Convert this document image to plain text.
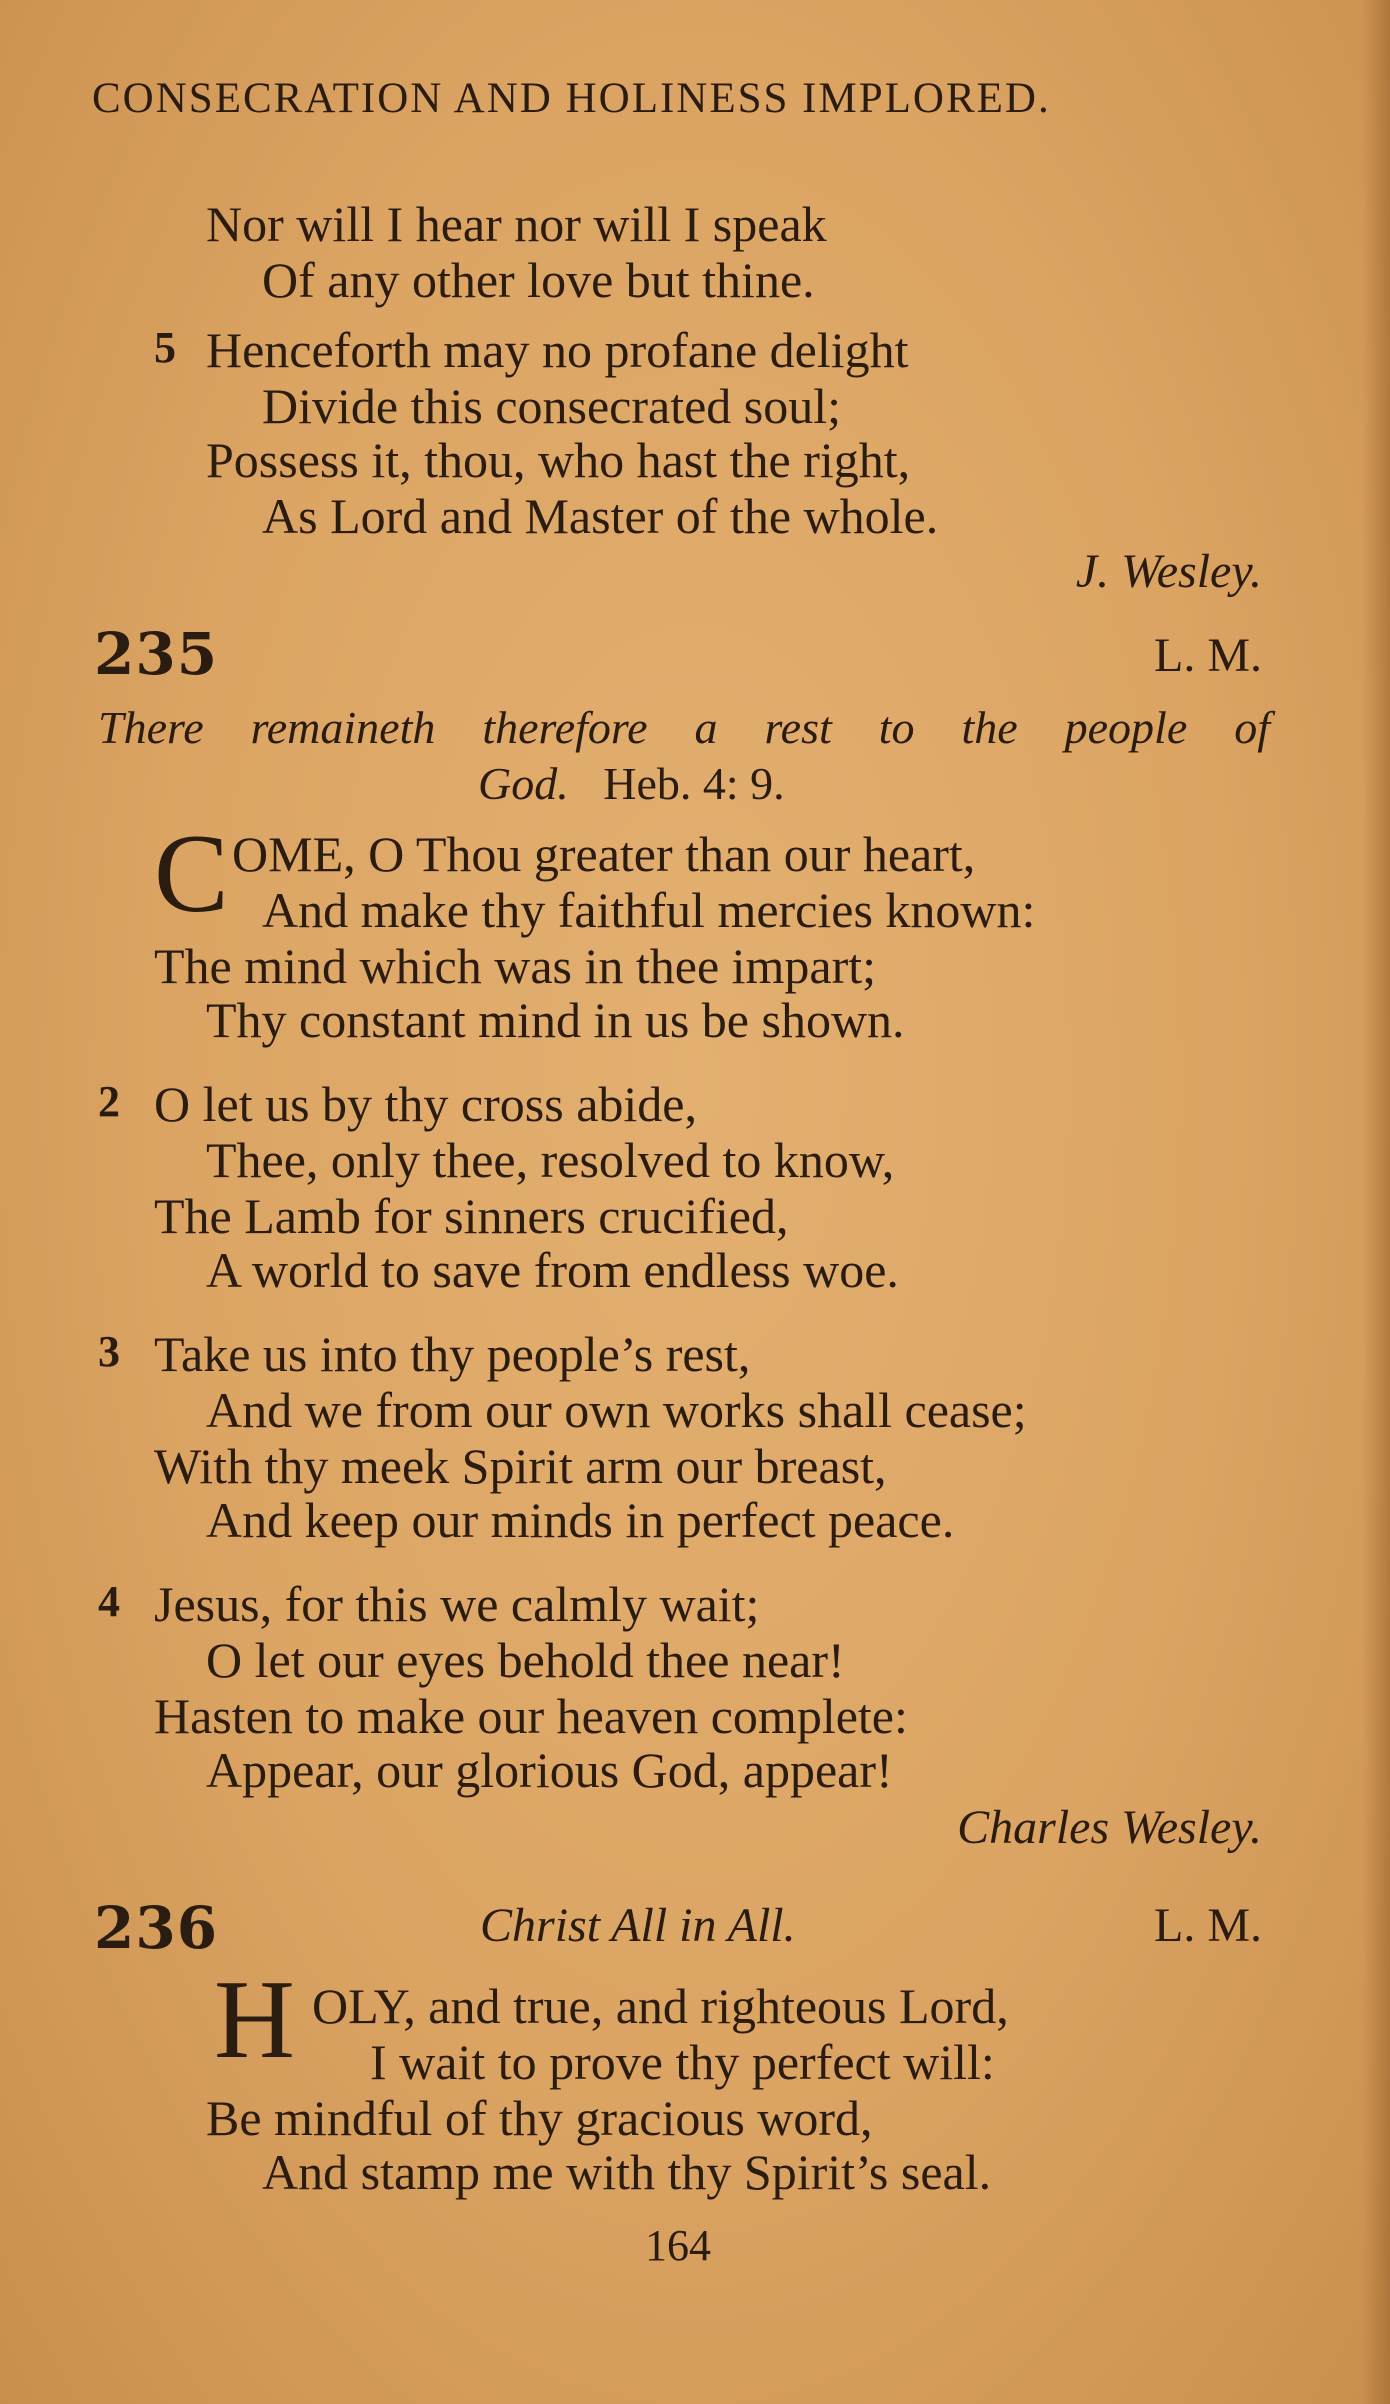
CONSECRATION AND HOLINESS IMPLORED.
Nor will I hear nor will I speak
Of any other love but thine.
5 Henceforth may no profane delight
Divide this consecrated soul;
Possess it, thou, who hast the right,
As Lord and Master of the whole.
J. Wesley.
235	L. M.
There remaineth therefore a rest to the people of
God. Heb. 4: 9.
C OME, O Thou greater than our heart,
And make thy faithful mercies known:
The mind which was in thee impart;
Thy constant mind in us be shown.
2 O let us by thy cross abide,
Thee, only thee, resolved to know,
The Lamb for sinners crucified,
A world to save from endless woe.
3 Take us into thy people’s rest,
And we from our own works shall cease;
With thy meek Spirit arm our breast,
And keep our minds in perfect peace.
4 Jesus, for this we calmly wait;
O let our eyes behold thee near!
Hasten to make our heaven complete:
Appear, our glorious God, appear!
Charles Wesley.
236	Christ All in All.	L. M.
H OLY, and true, and righteous Lord,
I wait to prove thy perfect will:
Be mindful of thy gracious word,
And stamp me with thy Spirit’s seal.
164
